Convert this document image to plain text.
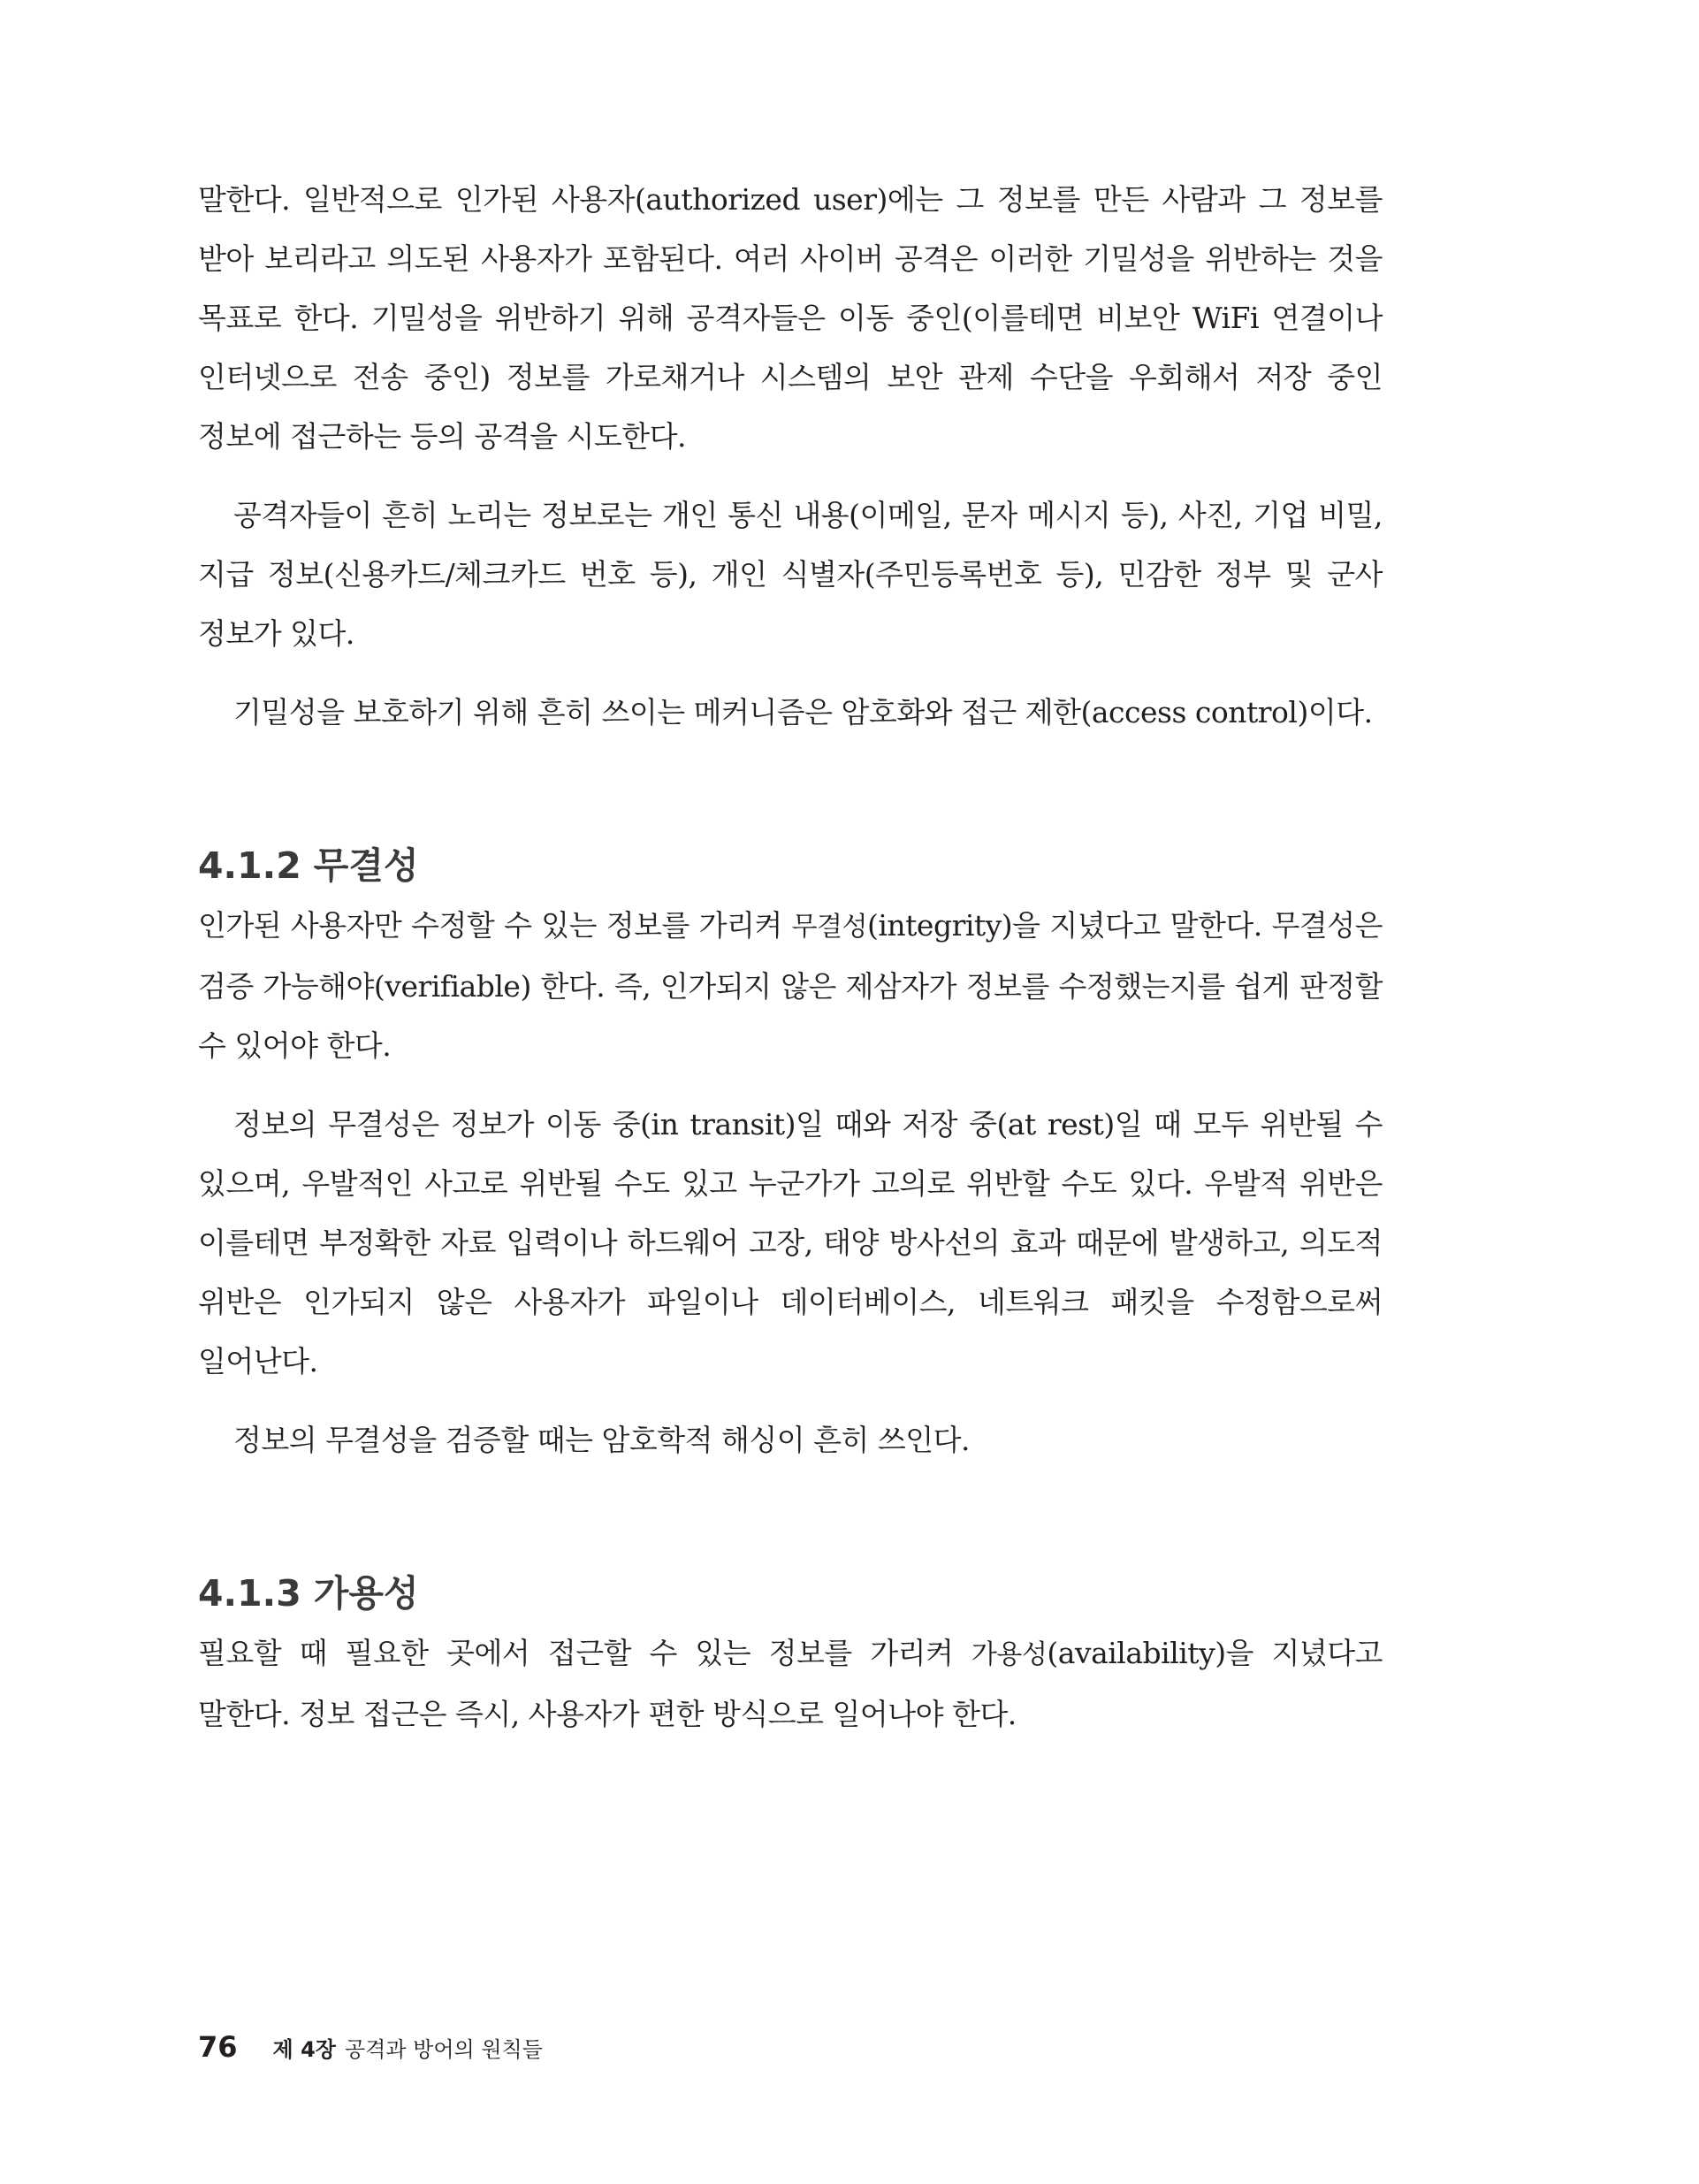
말한다. 일반적으로 인가된 사용자(authorized user)에는 그 정보를 만든 사람과 그 정보를 받아 보리라고 의도된 사용자가 포함된다. 여러 사이버 공격은 이러한 기밀성을 위반하는 것을 목표로 한다. 기밀성을 위반하기 위해 공격자들은 이동 중인(이를테면 비보안 WiFi 연결이나 인터넷으로 전송 중인) 정보를 가로채거나 시스템의 보안 관제 수단을 우회해서 저장 중인 정보에 접근하는 등의 공격을 시도한다.

공격자들이 흔히 노리는 정보로는 개인 통신 내용(이메일, 문자 메시지 등), 사진, 기업 비밀, 지급 정보(신용카드/체크카드 번호 등), 개인 식별자(주민등록번호 등), 민감한 정부 및 군사 정보가 있다.

기밀성을 보호하기 위해 흔히 쓰이는 메커니즘은 암호화와 접근 제한(access control)이다.

4.1.2 무결성

인가된 사용자만 수정할 수 있는 정보를 가리켜 무결성(integrity)을 지녔다고 말한다. 무결성은 검증 가능해야(verifiable) 한다. 즉, 인가되지 않은 제삼자가 정보를 수정했는지를 쉽게 판정할 수 있어야 한다.

정보의 무결성은 정보가 이동 중(in transit)일 때와 저장 중(at rest)일 때 모두 위반될 수 있으며, 우발적인 사고로 위반될 수도 있고 누군가가 고의로 위반할 수도 있다. 우발적 위반은 이를테면 부정확한 자료 입력이나 하드웨어 고장, 태양 방사선의 효과 때문에 발생하고, 의도적 위반은 인가되지 않은 사용자가 파일이나 데이터베이스, 네트워크 패킷을 수정함으로써 일어난다.

정보의 무결성을 검증할 때는 암호학적 해싱이 흔히 쓰인다.

4.1.3 가용성

필요할 때 필요한 곳에서 접근할 수 있는 정보를 가리켜 가용성(availability)을 지녔다고 말한다. 정보 접근은 즉시, 사용자가 편한 방식으로 일어나야 한다.

76 제 4장 공격과 방어의 원칙들
